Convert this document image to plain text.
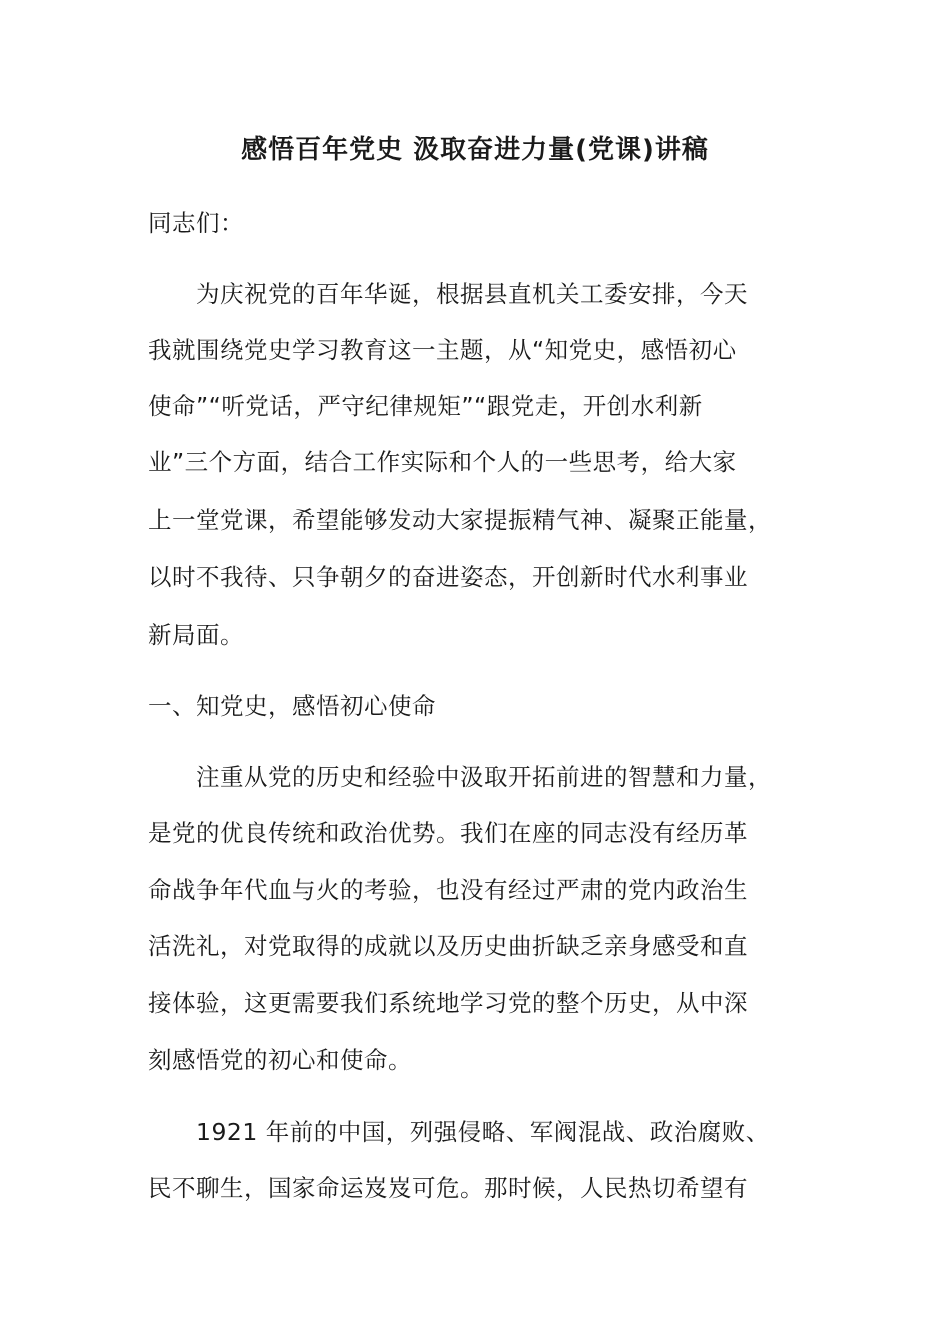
感悟百年党史 汲取奋进力量(党课)讲稿
同志们：
为庆祝党的百年华诞，根据县直机关工委安排，今天
我就围绕党史学习教育这一主题，从“知党史，感悟初心
使命”“听党话，严守纪律规矩”“跟党走，开创水利新
业”三个方面，结合工作实际和个人的一些思考，给大家
上一堂党课，希望能够发动大家提振精气神、凝聚正能量，
以时不我待、只争朝夕的奋进姿态，开创新时代水利事业
新局面。
一、知党史，感悟初心使命
注重从党的历史和经验中汲取开拓前进的智慧和力量，
是党的优良传统和政治优势。我们在座的同志没有经历革
命战争年代血与火的考验，也没有经过严肃的党内政治生
活洗礼，对党取得的成就以及历史曲折缺乏亲身感受和直
接体验，这更需要我们系统地学习党的整个历史，从中深
刻感悟党的初心和使命。
1921 年前的中国，列强侵略、军阀混战、政治腐败、
民不聊生，国家命运岌岌可危。那时候，人民热切希望有
